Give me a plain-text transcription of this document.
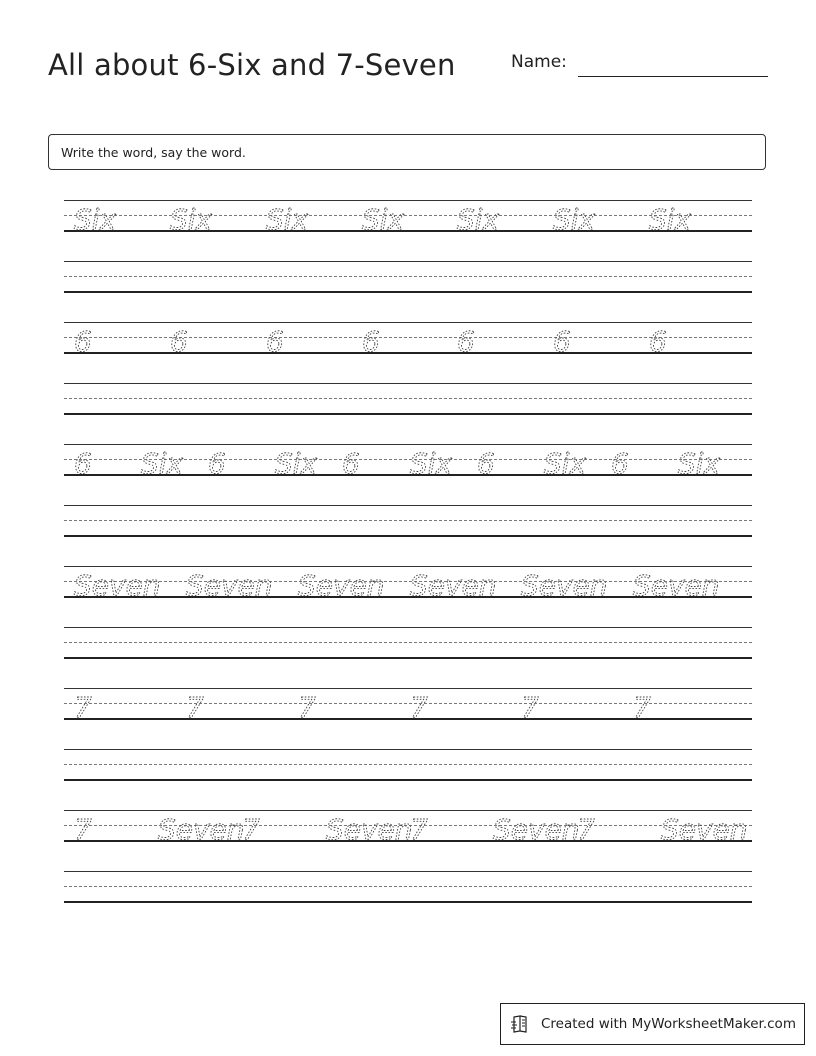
All about 6-Six and 7-Seven	Name:
Write the word, say the word.
Six Six Six Six Six Six Six
6	6	6	6	6	6	6
6 Six 6 Six 6 Six 6 Six 6 Six
Seven Seven Seven Seven Seven Seven
7	7	7	7	7	7
7 Seven
7 Seven
7 Seven
7 Seven
Created with MyWorksheetMaker.com
